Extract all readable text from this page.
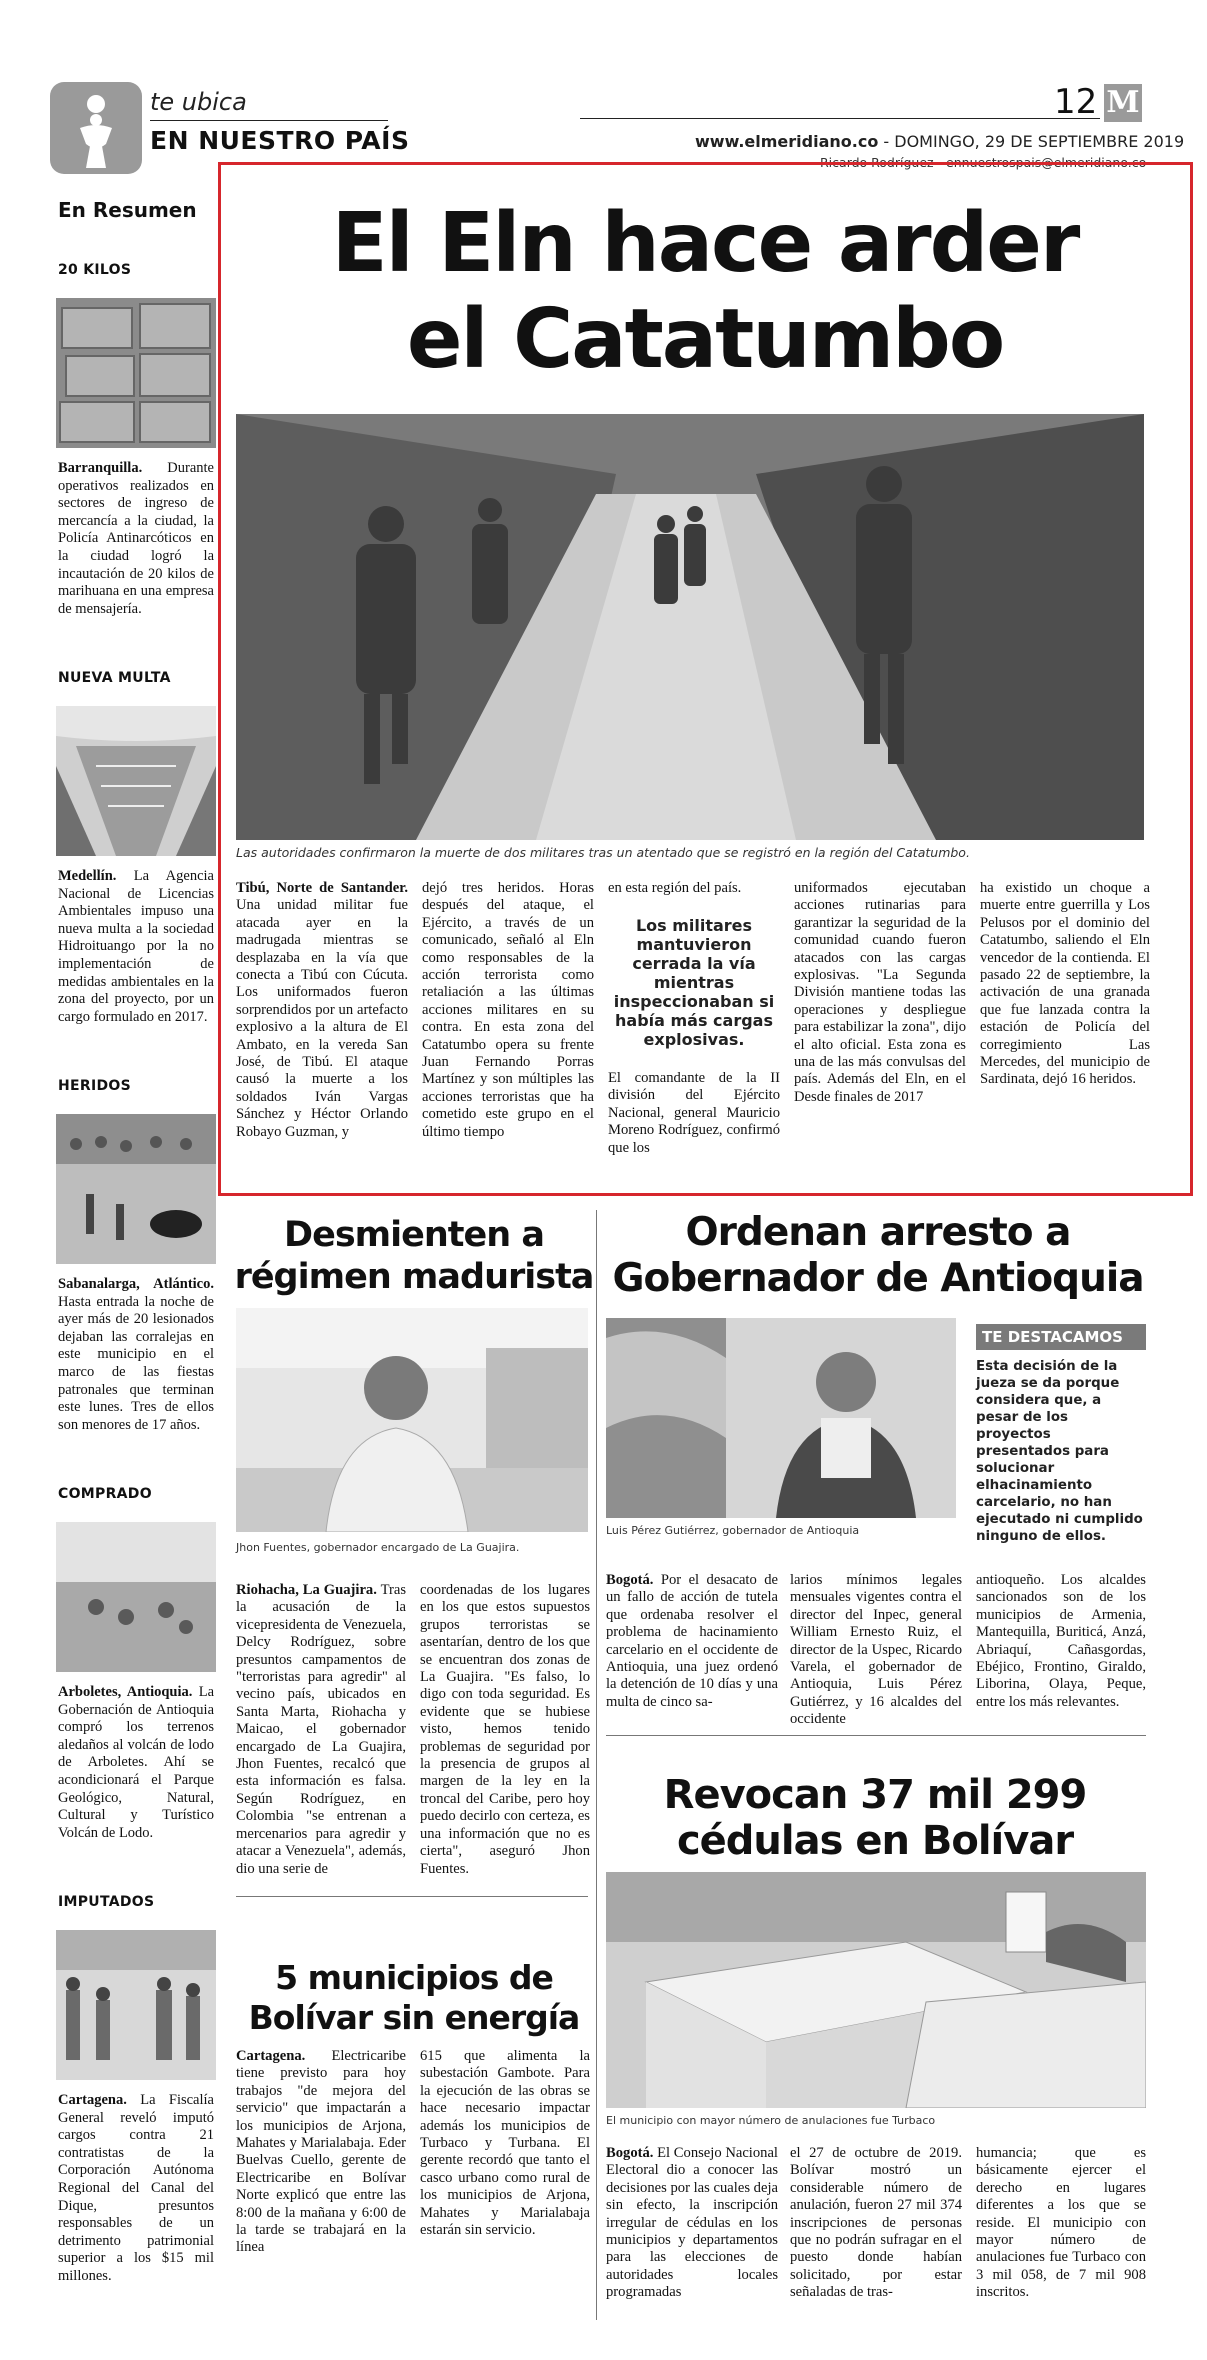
te ubica
EN NUESTRO PAÍS
12 M
www.elmeridiano.co - DOMINGO, 29 DE SEPTIEMBRE 2019
Ricardo Rodríguez - ennuestrospais@elmeridiano.co
En Resumen
20 KILOS
Barranquilla. Durante operativos realizados en sectores de ingreso de mercancía a la ciudad, la Policía Antinarcóticos en la ciudad logró la incautación de 20 kilos de marihuana en una empresa de mensajería.
NUEVA MULTA
Medellín. La Agencia Nacional de Licencias Ambientales impuso una nueva multa a la sociedad Hidroituango por la no implementación de medidas ambientales en la zona del proyecto, por un cargo formulado en 2017.
HERIDOS
Sabanalarga, Atlántico. Hasta entrada la noche de ayer más de 20 lesionados dejaban las corralejas en este municipio en el marco de las fiestas patronales que terminan este lunes. Tres de ellos son menores de 17 años.
COMPRADO
Arboletes, Antioquia. La Gobernación de Antioquia compró los terrenos aledaños al volcán de lodo de Arboletes. Ahí se acondicionará el Parque Geológico, Natural, Cultural y Turístico Volcán de Lodo.
IMPUTADOS
Cartagena. La Fiscalía General reveló imputó cargos contra 21 contratistas de la Corporación Autónoma Regional del Canal del Dique, presuntos responsables de un detrimento patrimonial superior a los $15 mil millones.
El Eln hace arder
el Catatumbo
Las autoridades confirmaron la muerte de dos militares tras un atentado que se registró en la región del Catatumbo.
Tibú, Norte de Santander. Una unidad militar fue atacada ayer en la madrugada mientras se desplazaba en la vía que conecta a Tibú con Cúcuta. Los uniformados fueron sorprendidos por un artefacto explosivo a la altura de El Ambato, en la vereda San José, de Tibú. El ataque causó la muerte a los soldados Iván Vargas Sánchez y Héctor Orlando Robayo Guzman, y
dejó tres heridos. Horas después del ataque, el Ejército, a través de un comunicado, señaló al Eln como responsables de la acción terrorista como retaliación a las últimas acciones militares en su contra. En esta zona del Catatumbo opera su frente Juan Fernando Porras Martínez y son múltiples las acciones terroristas que ha cometido este grupo en el último tiempo
en esta región del país.
Los militares mantuvieron cerrada la vía mientras inspeccionaban si había más cargas explosivas.
El comandante de la II división del Ejército Nacional, general Mauricio Moreno Rodríguez, confirmó que los
uniformados ejecutaban acciones rutinarias para garantizar la seguridad de la comunidad cuando fueron atacados con las cargas explosivas. "La Segunda División mantiene todas las operaciones y despliegue para estabilizar la zona", dijo el alto oficial. Esta zona es una de las más convulsas del país. Además del Eln, en el Desde finales de 2017
ha existido un choque a muerte entre guerrilla y Los Pelusos por el dominio del Catatumbo, saliendo el Eln vencedor de la contienda. El pasado 22 de septiembre, la activación de una granada que fue lanzada contra la estación de Policía del corregimiento Las Mercedes, del municipio de Sardinata, dejó 16 heridos.
Desmienten a régimen madurista
Jhon Fuentes, gobernador encargado de La Guajira.
Riohacha, La Guajira. Tras la acusación de la vicepresidenta de Venezuela, Delcy Rodríguez, sobre presuntos campamentos de "terroristas para agredir" al vecino país, ubicados en Santa Marta, Riohacha y Maicao, el gobernador encargado de La Guajira, Jhon Fuentes, recalcó que esta información es falsa. Según Rodríguez, en Colombia "se entrenan a mercenarios para agredir y atacar a Venezuela", además, dio una serie de
coordenadas de los lugares en los que estos supuestos grupos terroristas se asentarían, dentro de los que se encuentran dos zonas de La Guajira. "Es falso, lo digo con toda seguridad. Es evidente que se hubiese visto, hemos tenido problemas de seguridad por la presencia de grupos al margen de la ley en la troncal del Caribe, pero hoy puedo decirlo con certeza, es una información que no es cierta", aseguró Jhon Fuentes.
5 municipios de Bolívar sin energía
Cartagena. Electricaribe tiene previsto para hoy trabajos "de mejora del servicio" que impactarán a los municipios de Arjona, Mahates y Marialabaja. Eder Buelvas Cuello, gerente de Electricaribe en Bolívar Norte explicó que entre las 8:00 de la mañana y 6:00 de la tarde se trabajará en la línea
615 que alimenta la subestación Gambote. Para la ejecución de las obras se hace necesario impactar además los municipios de Turbaco y Turbana. El gerente recordó que tanto el casco urbano como rural de los municipios de Arjona, Mahates y Marialabaja estarán sin servicio.
Ordenan arresto a Gobernador de Antioquia
Luis Pérez Gutiérrez, gobernador de Antioquia
TE DESTACAMOS
Esta decisión de la jueza se da porque considera que, a pesar de los proyectos presentados para solucionar elhacinamiento carcelario, no han ejecutado ni cumplido ninguno de ellos.
Bogotá. Por el desacato de un fallo de acción de tutela que ordenaba resolver el problema de hacinamiento carcelario en el occidente de Antioquia, una juez ordenó la detención de 10 días y una multa de cinco sa-
larios mínimos legales mensuales vigentes contra el director del Inpec, general William Ernesto Ruiz, el director de la Uspec, Ricardo Varela, el gobernador de Antioquia, Luis Pérez Gutiérrez, y 16 alcaldes del occidente
antioqueño. Los alcaldes sancionados son de los municipios de Armenia, Mantequilla, Buriticá, Anzá, Abriaquí, Cañasgordas, Ebéjico, Frontino, Giraldo, Liborina, Olaya, Peque, entre los más relevantes.
Revocan 37 mil 299 cédulas en Bolívar
El municipio con mayor número de anulaciones fue Turbaco
Bogotá. El Consejo Nacional Electoral dio a conocer las decisiones por las cuales deja sin efecto, la inscripción irregular de cédulas en los municipios y departamentos para las elecciones de autoridades locales programadas
el 27 de octubre de 2019. Bolívar mostró un considerable número de anulación, fueron 27 mil 374 inscripciones de personas que no podrán sufragar en el puesto donde habían solicitado, por estar señaladas de tras-
humancia; que es básicamente ejercer el derecho en lugares diferentes a los que se reside. El municipio con mayor número de anulaciones fue Turbaco con 3 mil 058, de 7 mil 908 inscritos.
